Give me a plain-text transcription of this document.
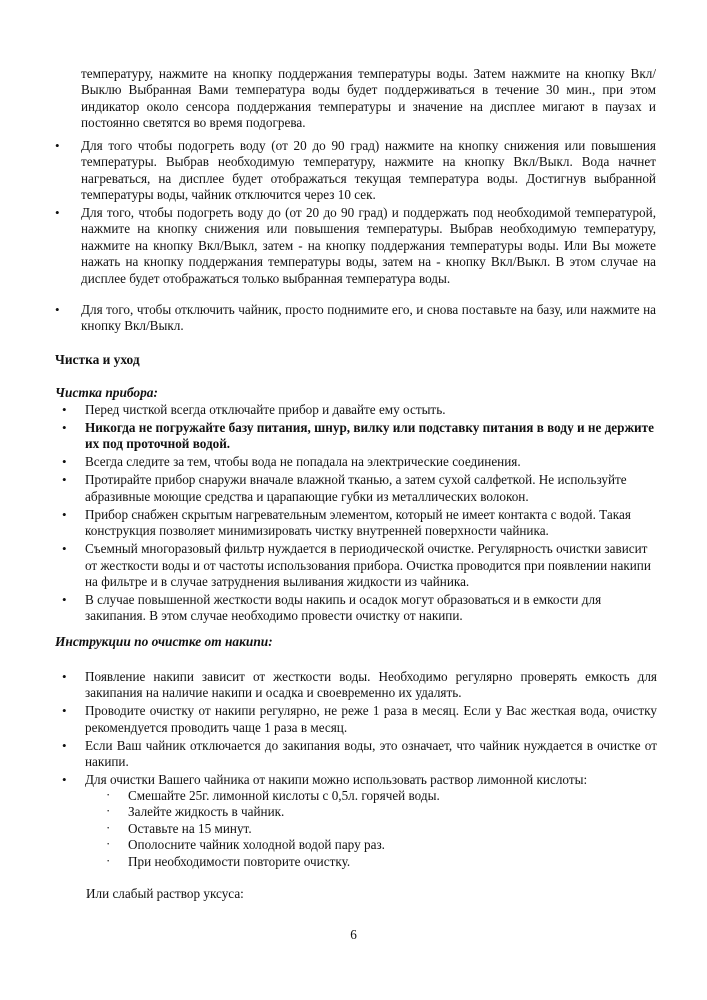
температуру, нажмите на кнопку поддержания температуры воды. Затем нажмите на кнопку Вкл/Выклю Выбранная Вами температура воды будет поддерживаться в течение 30 мин., при этом индикатор около сенсора поддержания температуры и значение на дисплее мигают в паузах и постоянно светятся во время подогрева.

• Для того чтобы подогреть воду (от 20 до 90 град) нажмите на кнопку снижения или повышения температуры. Выбрав необходимую температуру, нажмите на кнопку Вкл/Выкл. Вода начнет нагреваться, на дисплее будет отображаться текущая температура воды. Достигнув выбранной температуры воды, чайник отключится через 10 сек.
• Для того, чтобы подогреть воду до (от 20 до 90 град) и поддержать под необходимой температурой, нажмите на кнопку снижения или повышения температуры. Выбрав необходимую температуру, нажмите на кнопку Вкл/Выкл, затем - на кнопку поддержания температуры воды. Или Вы можете нажать на кнопку поддержания температуры воды, затем на - кнопку Вкл/Выкл. В этом случае на дисплее будет отображаться только выбранная температура воды.
• Для того, чтобы отключить чайник, просто поднимите его, и снова поставьте на базу, или нажмите на кнопку Вкл/Выкл.
Чистка и уход
Чистка прибора:
• Перед чисткой всегда отключайте прибор и давайте ему остыть.
• Никогда не погружайте базу питания, шнур, вилку или подставку питания в воду и не держите их под проточной водой.
• Всегда следите за тем, чтобы вода не попадала на электрические соединения.
• Протирайте прибор снаружи вначале влажной тканью, а затем сухой салфеткой. Не используйте абразивные моющие средства и царапающие губки из металлических волокон.
• Прибор снабжен скрытым нагревательным элементом, который не имеет контакта с водой. Такая конструкция позволяет минимизировать чистку внутренней поверхности чайника.
• Съемный многоразовый фильтр нуждается в периодической очистке. Регулярность очистки зависит от жесткости воды и от частоты использования прибора. Очистка проводится при появлении накипи на фильтре и в случае затруднения выливания жидкости из чайника.
• В случае повышенной жесткости воды накипь и осадок могут образоваться и в емкости для закипания. В этом случае необходимо провести очистку от накипи.
Инструкции по очистке от накипи:
• Появление накипи зависит от жесткости воды. Необходимо регулярно проверять емкость для закипания на наличие накипи и осадка и своевременно их удалять.
• Проводите очистку от накипи регулярно, не реже 1 раза в месяц. Если у Вас жесткая вода, очистку рекомендуется проводить чаще 1 раза в месяц.
• Если Ваш чайник отключается до закипания воды, это означает, что чайник нуждается в очистке от накипи.
• Для очистки Вашего чайника от накипи можно использовать раствор лимонной кислоты:
· Смешайте 25г. лимонной кислоты с 0,5л. горячей воды.
· Залейте жидкость в чайник.
· Оставьте на 15 минут.
· Ополосните чайник холодной водой пару раз.
· При необходимости повторите очистку.
Или слабый раствор уксуса:
6
